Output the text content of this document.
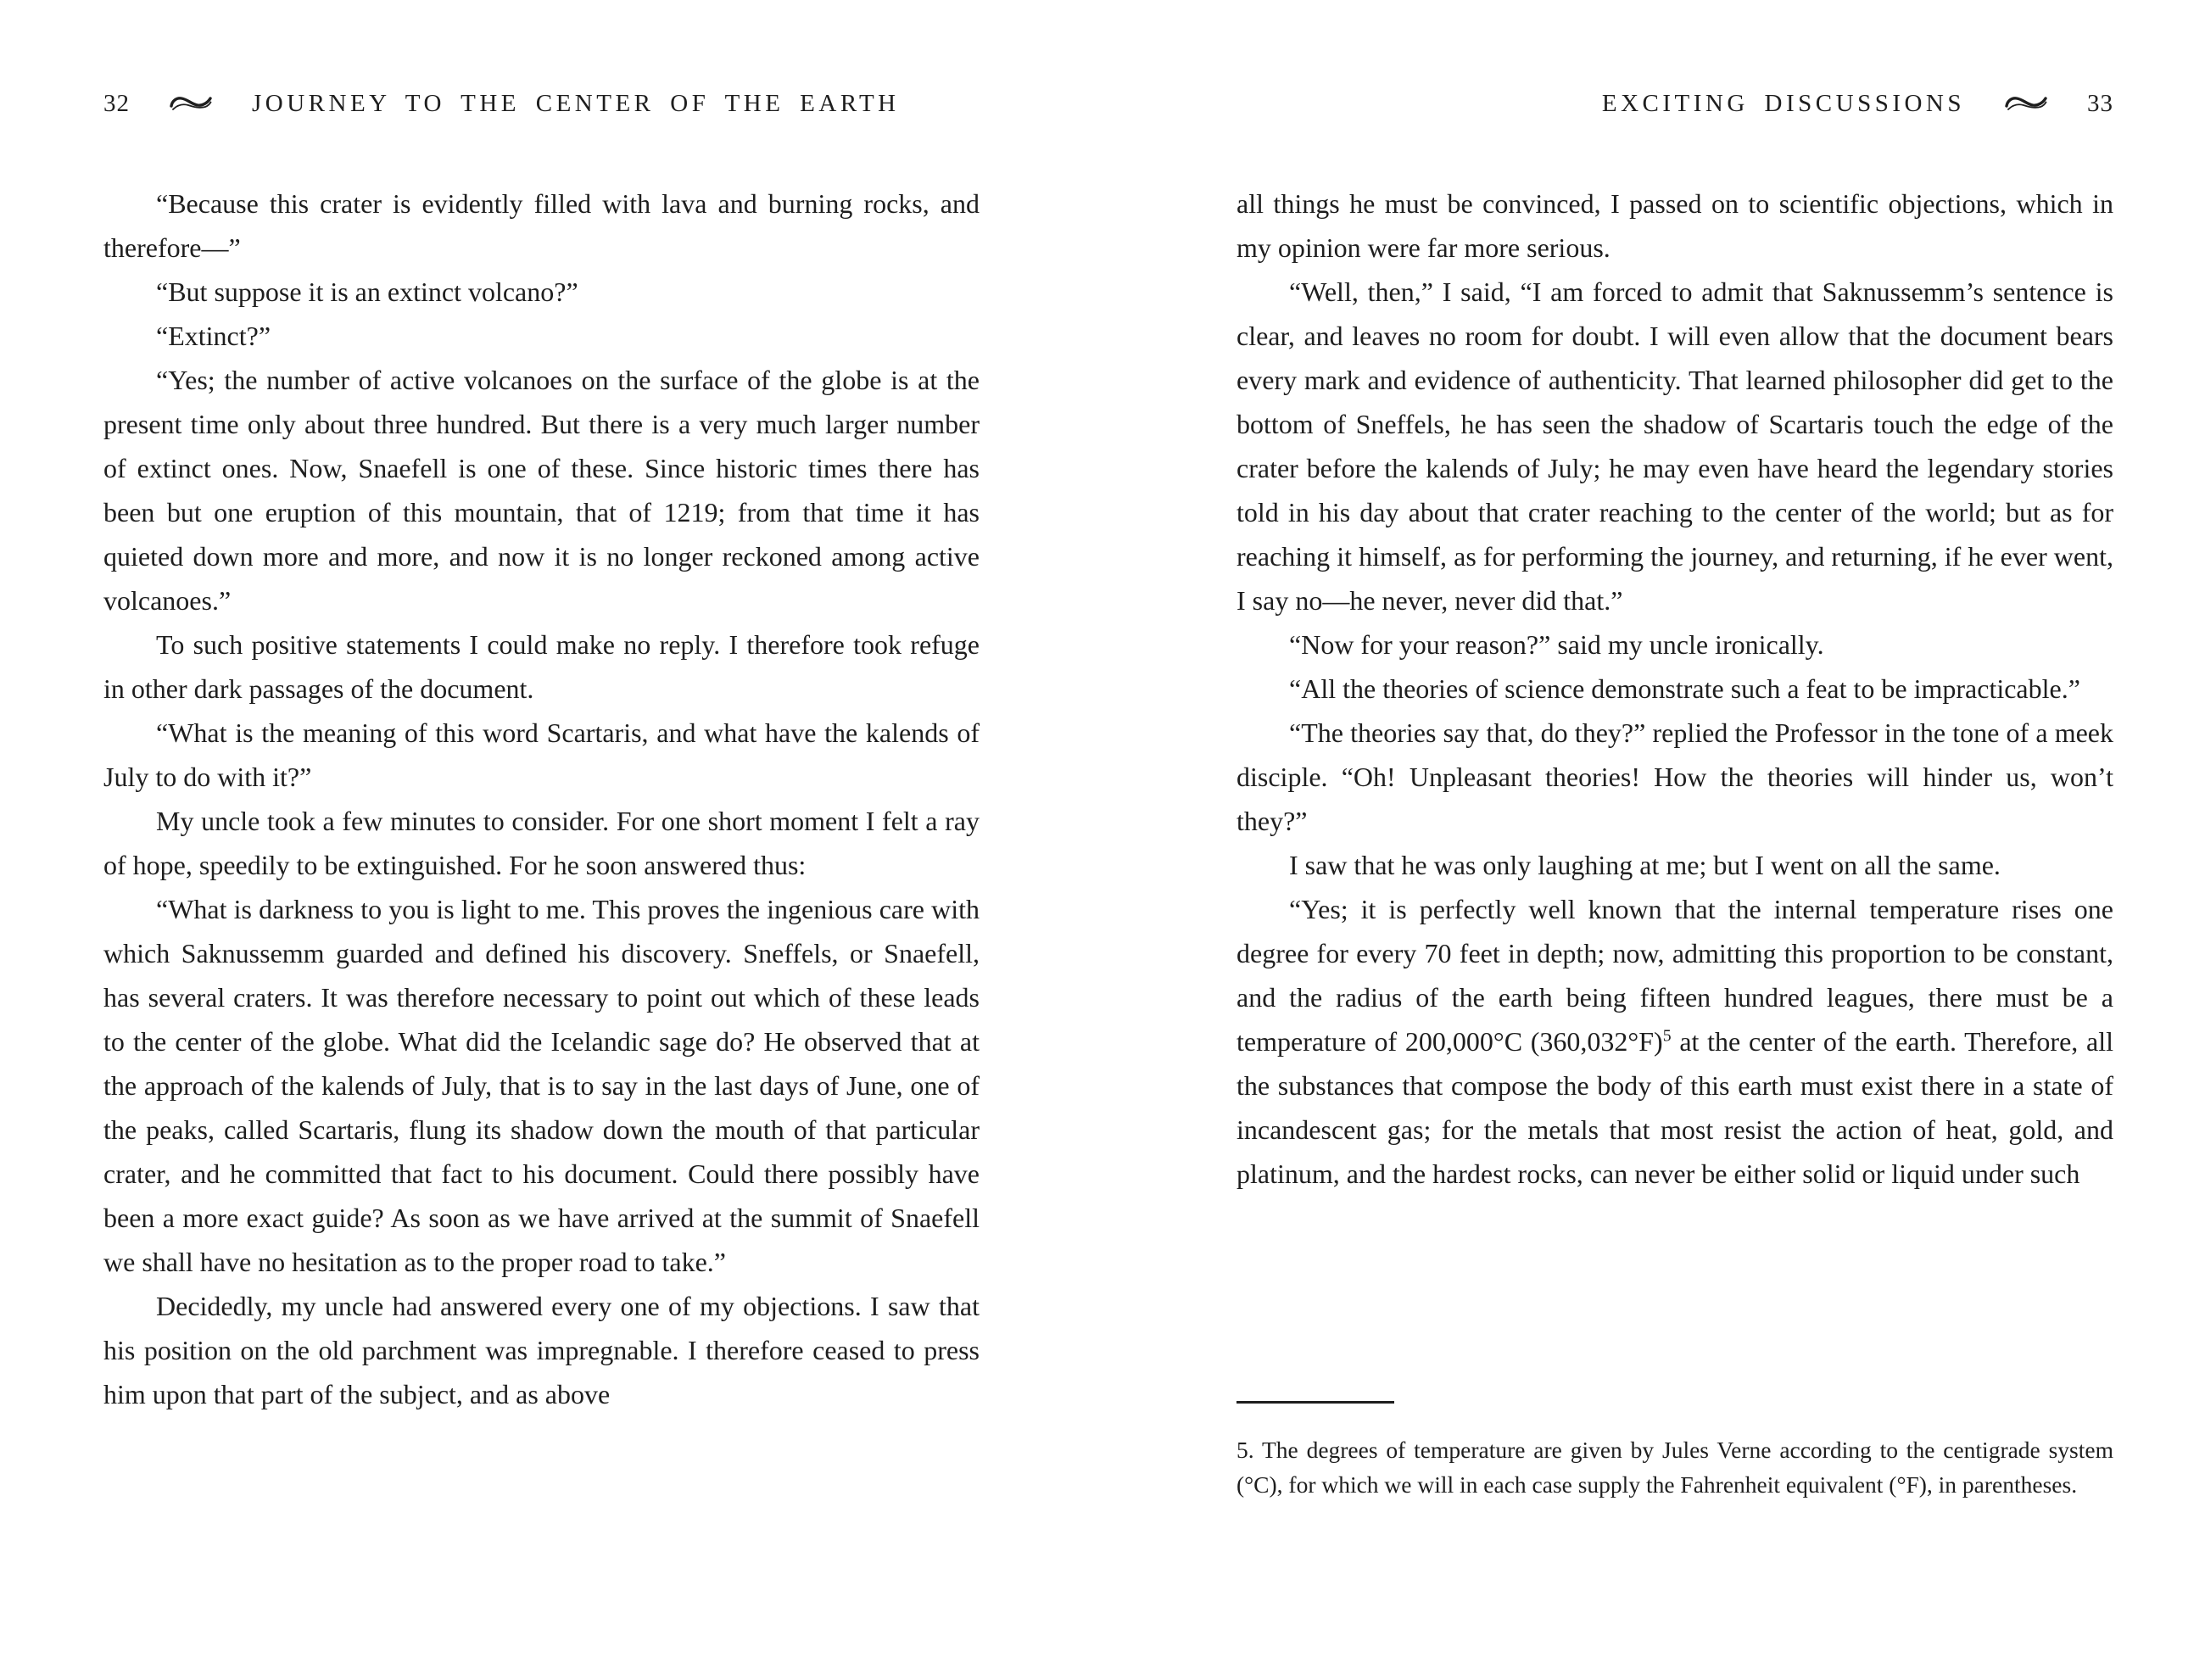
32	JOURNEY TO THE CENTER OF THE EARTH	EXCITING DISCUSSIONS	33

“Because this crater is evidently filled with lava and burning rocks, and therefore—”

“But suppose it is an extinct volcano?”

“Extinct?”

“Yes; the number of active volcanoes on the surface of the globe is at the present time only about three hundred. But there is a very much larger number of extinct ones. Now, Snaefell is one of these. Since historic times there has been but one eruption of this mountain, that of 1219; from that time it has quieted down more and more, and now it is no longer reckoned among active volcanoes.”

To such positive statements I could make no reply. I therefore took refuge in other dark passages of the document.

“What is the meaning of this word Scartaris, and what have the kalends of July to do with it?”

My uncle took a few minutes to consider. For one short moment I felt a ray of hope, speedily to be extinguished. For he soon answered thus:

“What is darkness to you is light to me. This proves the ingenious care with which Saknussemm guarded and defined his discovery. Sneffels, or Snaefell, has several craters. It was therefore necessary to point out which of these leads to the center of the globe. What did the Icelandic sage do? He observed that at the approach of the kalends of July, that is to say in the last days of June, one of the peaks, called Scartaris, flung its shadow down the mouth of that particular crater, and he committed that fact to his document. Could there possibly have been a more exact guide? As soon as we have arrived at the summit of Snaefell we shall have no hesitation as to the proper road to take.”

Decidedly, my uncle had answered every one of my objections. I saw that his position on the old parchment was impregnable. I therefore ceased to press him upon that part of the subject, and as above

all things he must be convinced, I passed on to scientific objections, which in my opinion were far more serious.

“Well, then,” I said, “I am forced to admit that Saknussemm’s sentence is clear, and leaves no room for doubt. I will even allow that the document bears every mark and evidence of authenticity. That learned philosopher did get to the bottom of Sneffels, he has seen the shadow of Scartaris touch the edge of the crater before the kalends of July; he may even have heard the legendary stories told in his day about that crater reaching to the center of the world; but as for reaching it himself, as for performing the journey, and returning, if he ever went, I say no—he never, never did that.”

“Now for your reason?” said my uncle ironically.

“All the theories of science demonstrate such a feat to be impracticable.”

“The theories say that, do they?” replied the Professor in the tone of a meek disciple. “Oh! Unpleasant theories! How the theories will hinder us, won’t they?”

I saw that he was only laughing at me; but I went on all the same.

“Yes; it is perfectly well known that the internal temperature rises one degree for every 70 feet in depth; now, admitting this proportion to be constant, and the radius of the earth being fifteen hundred leagues, there must be a temperature of 200,000°C $(360,032^\circ F)^5$ at the center of the earth. Therefore, all the substances that compose the body of this earth must exist there in a state of incandescent gas; for the metals that most resist the action of heat, gold, and platinum, and the hardest rocks, can never be either solid or liquid under such

5. The degrees of temperature are given by Jules Verne according to the centigrade system (°C), for which we will in each case supply the Fahrenheit equivalent (°F), in parentheses.
